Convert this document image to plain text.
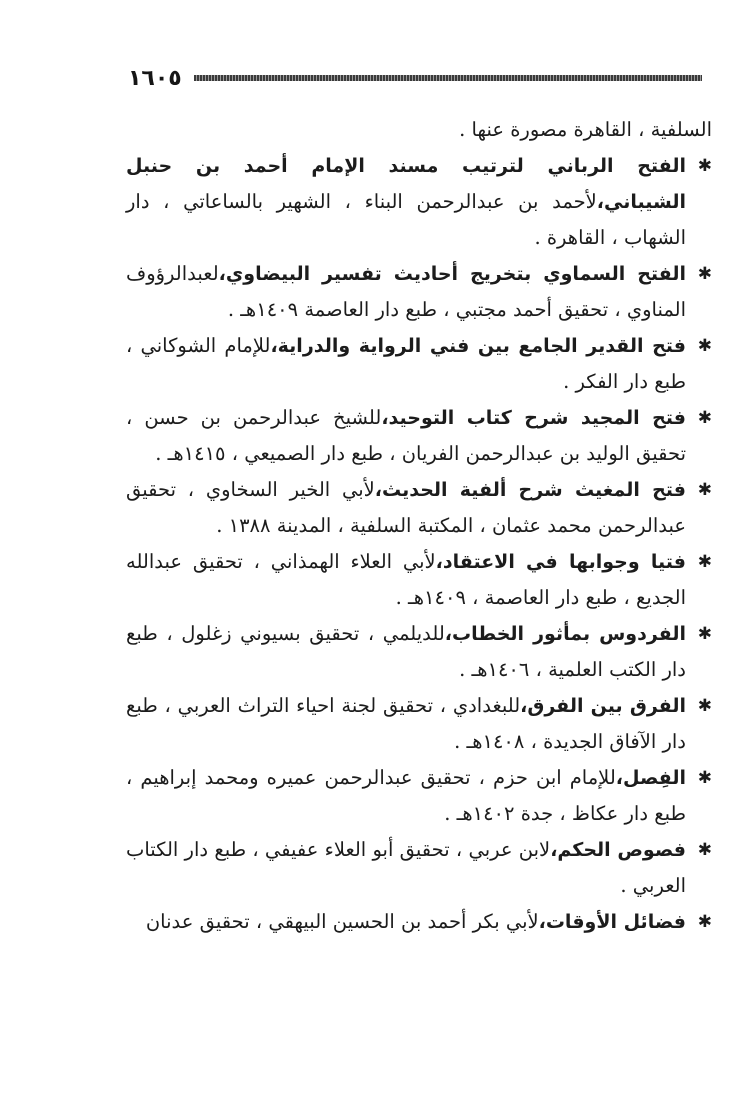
١٦٠٥
السلفية ، القاهرة مصورة عنها .
✱
الفتح الرباني لترتيب مسند الإمام أحمد بن حنبل الشيباني،لأحمد بن عبدالرحمن البناء ، الشهير بالساعاتي ، دار الشهاب ، القاهرة .
✱
الفتح السماوي بتخريج أحاديث تفسير البيضاوي،لعبدالرؤوف المناوي ، تحقيق أحمد مجتبي ، طبع دار العاصمة ١٤٠٩هـ .
✱
فتح القدير الجامع بين فني الرواية والدراية،للإمام الشوكاني ، طبع دار الفكر .
✱
فتح المجيد شرح كتاب التوحيد،للشيخ عبدالرحمن بن حسن ، تحقيق الوليد بن عبدالرحمن الفريان ، طبع دار الصميعي ، ١٤١٥هـ .
✱
فتح المغيث شرح ألفية الحديث،لأبي الخير السخاوي ، تحقيق عبدالرحمن محمد عثمان ، المكتبة السلفية ، المدينة ١٣٨٨ .
✱
فتيا وجوابها في الاعتقاد،لأبي العلاء الهمذاني ، تحقيق عبدالله الجديع ، طبع دار العاصمة ، ١٤٠٩هـ .
✱
الفردوس بمأثور الخطاب،للديلمي ، تحقيق بسيوني زغلول ، طبع دار الكتب العلمية ، ١٤٠٦هـ .
✱
الفرق بين الفرق،للبغدادي ، تحقيق لجنة احياء التراث العربي ، طبع دار الآفاق الجديدة ، ١٤٠٨هـ .
✱
الفِصل،للإمام ابن حزم ، تحقيق عبدالرحمن عميره ومحمد إبراهيم ، طبع دار عكاظ ، جدة ١٤٠٢هـ .
✱
فصوص الحكم،لابن عربي ، تحقيق أبو العلاء عفيفي ، طبع دار الكتاب العربي .
✱
فضائل الأوقات،لأبي بكر أحمد بن الحسين البيهقي ، تحقيق عدنان
